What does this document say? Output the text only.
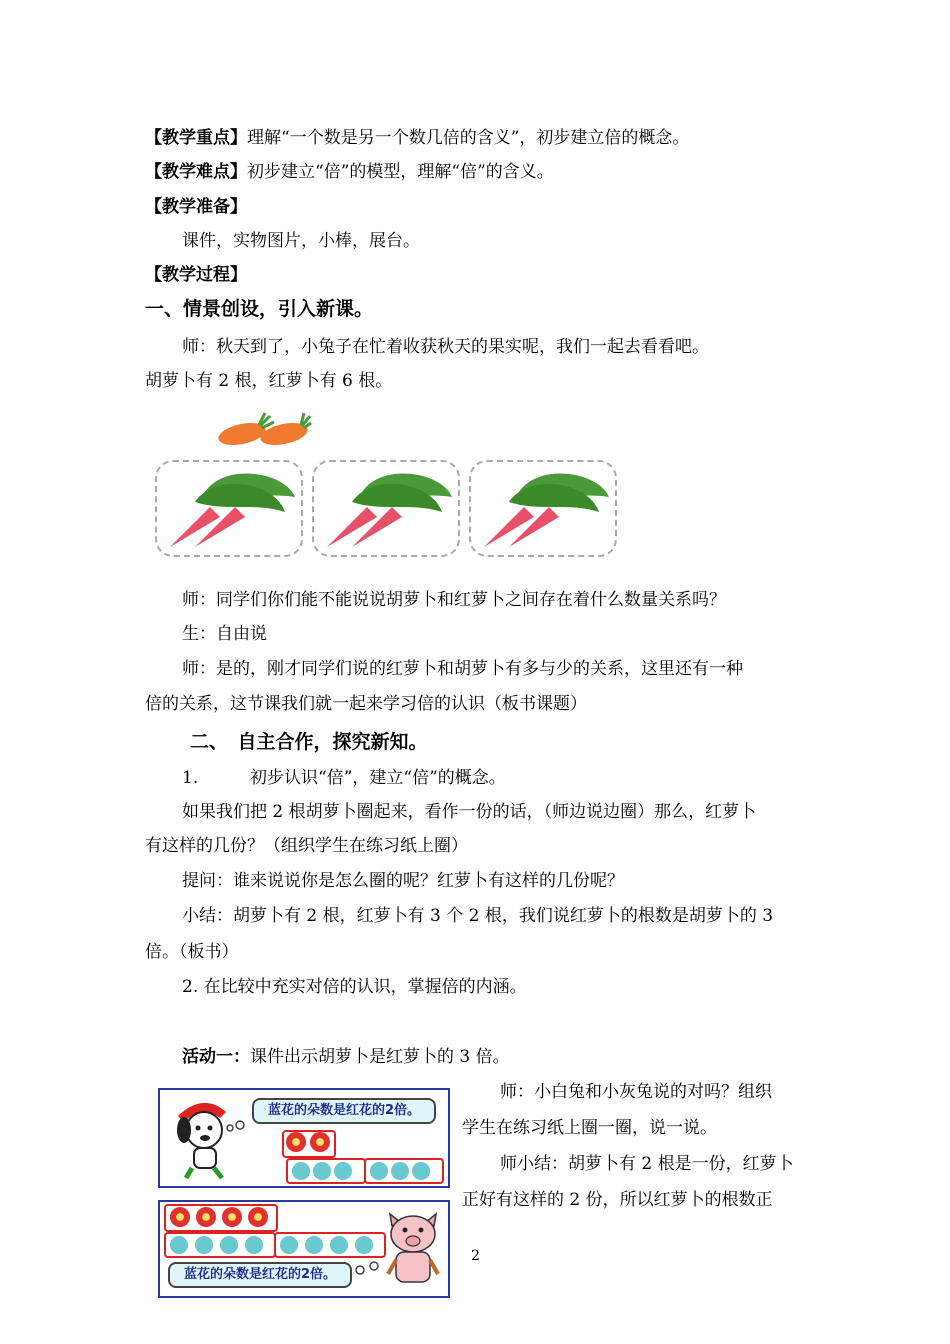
【教学重点】理解“一个数是另一个数几倍的含义”，初步建立倍的概念。
【教学难点】初步建立“倍”的模型，理解“倍”的含义。
【教学准备】
课件，实物图片，小棒，展台。
【教学过程】
一、情景创设，引入新课。
师：秋天到了，小兔子在忙着收获秋天的果实呢，我们一起去看看吧。
胡萝卜有 2 根，红萝卜有 6 根。
师：同学们你们能不能说说胡萝卜和红萝卜之间存在着什么数量关系吗？
生：自由说
师：是的，刚才同学们说的红萝卜和胡萝卜有多与少的关系，这里还有一种
倍的关系，这节课我们就一起来学习倍的认识（板书课题）
二、　自主合作，探究新知。
1.	初步认识“倍”，建立“倍”的概念。
如果我们把 2 根胡萝卜圈起来，看作一份的话，（师边说边圈）那么，红萝卜
有这样的几份？（组织学生在练习纸上圈）
提问：谁来说说你是怎么圈的呢？红萝卜有这样的几份呢？
小结：胡萝卜有 2 根，红萝卜有 3 个 2 根，我们说红萝卜的根数是胡萝卜的 3
倍。（板书）
2. 在比较中充实对倍的认识，掌握倍的内涵。
活动一：课件出示胡萝卜是红萝卜的 3 倍。
师：小白兔和小灰兔说的对吗？组织
学生在练习纸上圈一圈，说一说。
师小结：胡萝卜有 2 根是一份，红萝卜
正好有这样的 2 份，所以红萝卜的根数正
蓝花的朵数是红花的2倍。
蓝花的朵数是红花的2倍。
2
